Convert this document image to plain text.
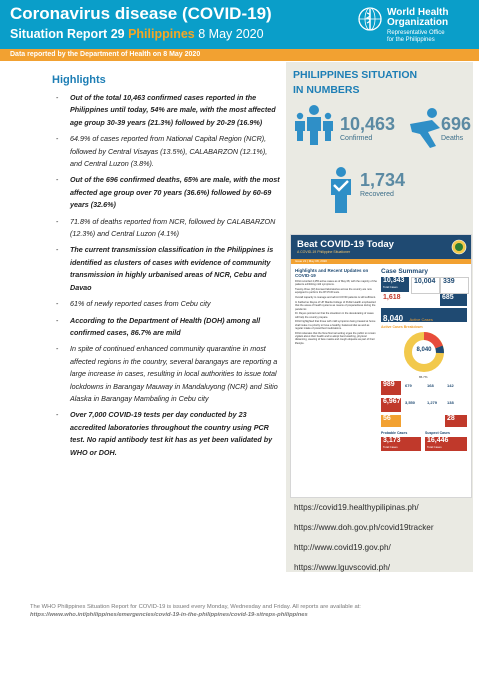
Coronavirus disease (COVID-19)
Situation Report 29 Philippines 8 May 2020
World Health
Organization
Representative Office
for the Philippines
Data reported by the Department of Health on 8 May 2020
Highlights
- Out of the total 10,463 confirmed cases reported in the Philippines until today, 54% are male, with the most affected age group 30-39 years (21.3%) followed by 20-29 (16.9%)
- 64.9% of cases reported from National Capital Region (NCR), followed by Central Visayas (13.5%), CALABARZON (12.1%), and Central Luzon (3.8%).
- Out of the 696 confirmed deaths, 65% are male, with the most affected age group over 70 years (36.6%) followed by 60-69 years (32.6%)
- 71.8% of deaths reported from NCR, followed by CALABARZON (12.3%) and Central Luzon (4.1%)
- The current transmission classification in the Philippines is identified as clusters of cases with evidence of community transmission in highly urbanised areas of NCR, Cebu and Davao
- 61% of newly reported cases from Cebu city
- According to the Department of Health (DOH) among all confirmed cases, 86.7% are mild
- In spite of continued enhanced community quarantine in most affected regions in the country, several barangays are reporting a large increase in cases, resulting in local authorities to issue total lockdowns in Barangay Mauway in Mandaluyong (NCR) and Sitio Alaska in Barangay Mambaling in Cebu city
- Over 7,000 COVID-19 tests per day conducted by 23 accredited laboratories throughout the country using PCR test. No rapid antibody test kit has as yet been validated by WHO or DOH.
PHILIPPINES SITUATION
IN NUMBERS
10,463
Confirmed
696
Deaths
1,734
Recovered
Beat COVID-19 Today
A COVID-19 Philippine Situationer
Issue 21 | May 08, 2020
Highlights and Recent Updates on COVID-19

DOH recorded 4,255 active cases as of May 08, with the majority of the patients exhibiting mild symptoms.

Twenty-three (23) licensed laboratories across the country are now equipped to perform the RT-PCR tests.

Overall capacity to manage and admit COVID patients is still sufficient.

In Katherine Reyes of UP Manila College of Public Health emphasized that the areas of health systems as means of preparedness during the pandemic.

Dr. Reyes pointed out that the slowdown in the decelerating of cases will help the country prepare.

DOH highlighted that those with mild symptoms being treated at home shall make it a priority to have a healthy, balanced diet as well as regular intake of prescribed medications.

DOH reiterates that the New Normal setting urges the public to remain vigilant about their health and to adopt hand washing, physical distancing, wearing of face masks and cough etiquette as part of their lifestyle.

Case Summary
10,343
Total Cases
10,004	339
1,618	685
8,040 Active Cases
Active Cases Breakdown
8,040
86.7%
989	679	168	142
6,967 3,550	1,279 138
56	28
Probable Cases	Suspect Cases
3,173
Total Cases
16,446
Total Cases
https://covid19.healthypilipinas.ph/
https://www.doh.gov.ph/covid19tracker
http://www.covid19.gov.ph/
https://www.lguvscovid.ph/
The WHO Philippines Situation Report for COVID-19 is issued every Monday, Wednesday and Friday. All reports are available at: https://www.who.int/philippines/emergencies/covid-19-in-the-philippines/covid-19-sitreps-philippines
